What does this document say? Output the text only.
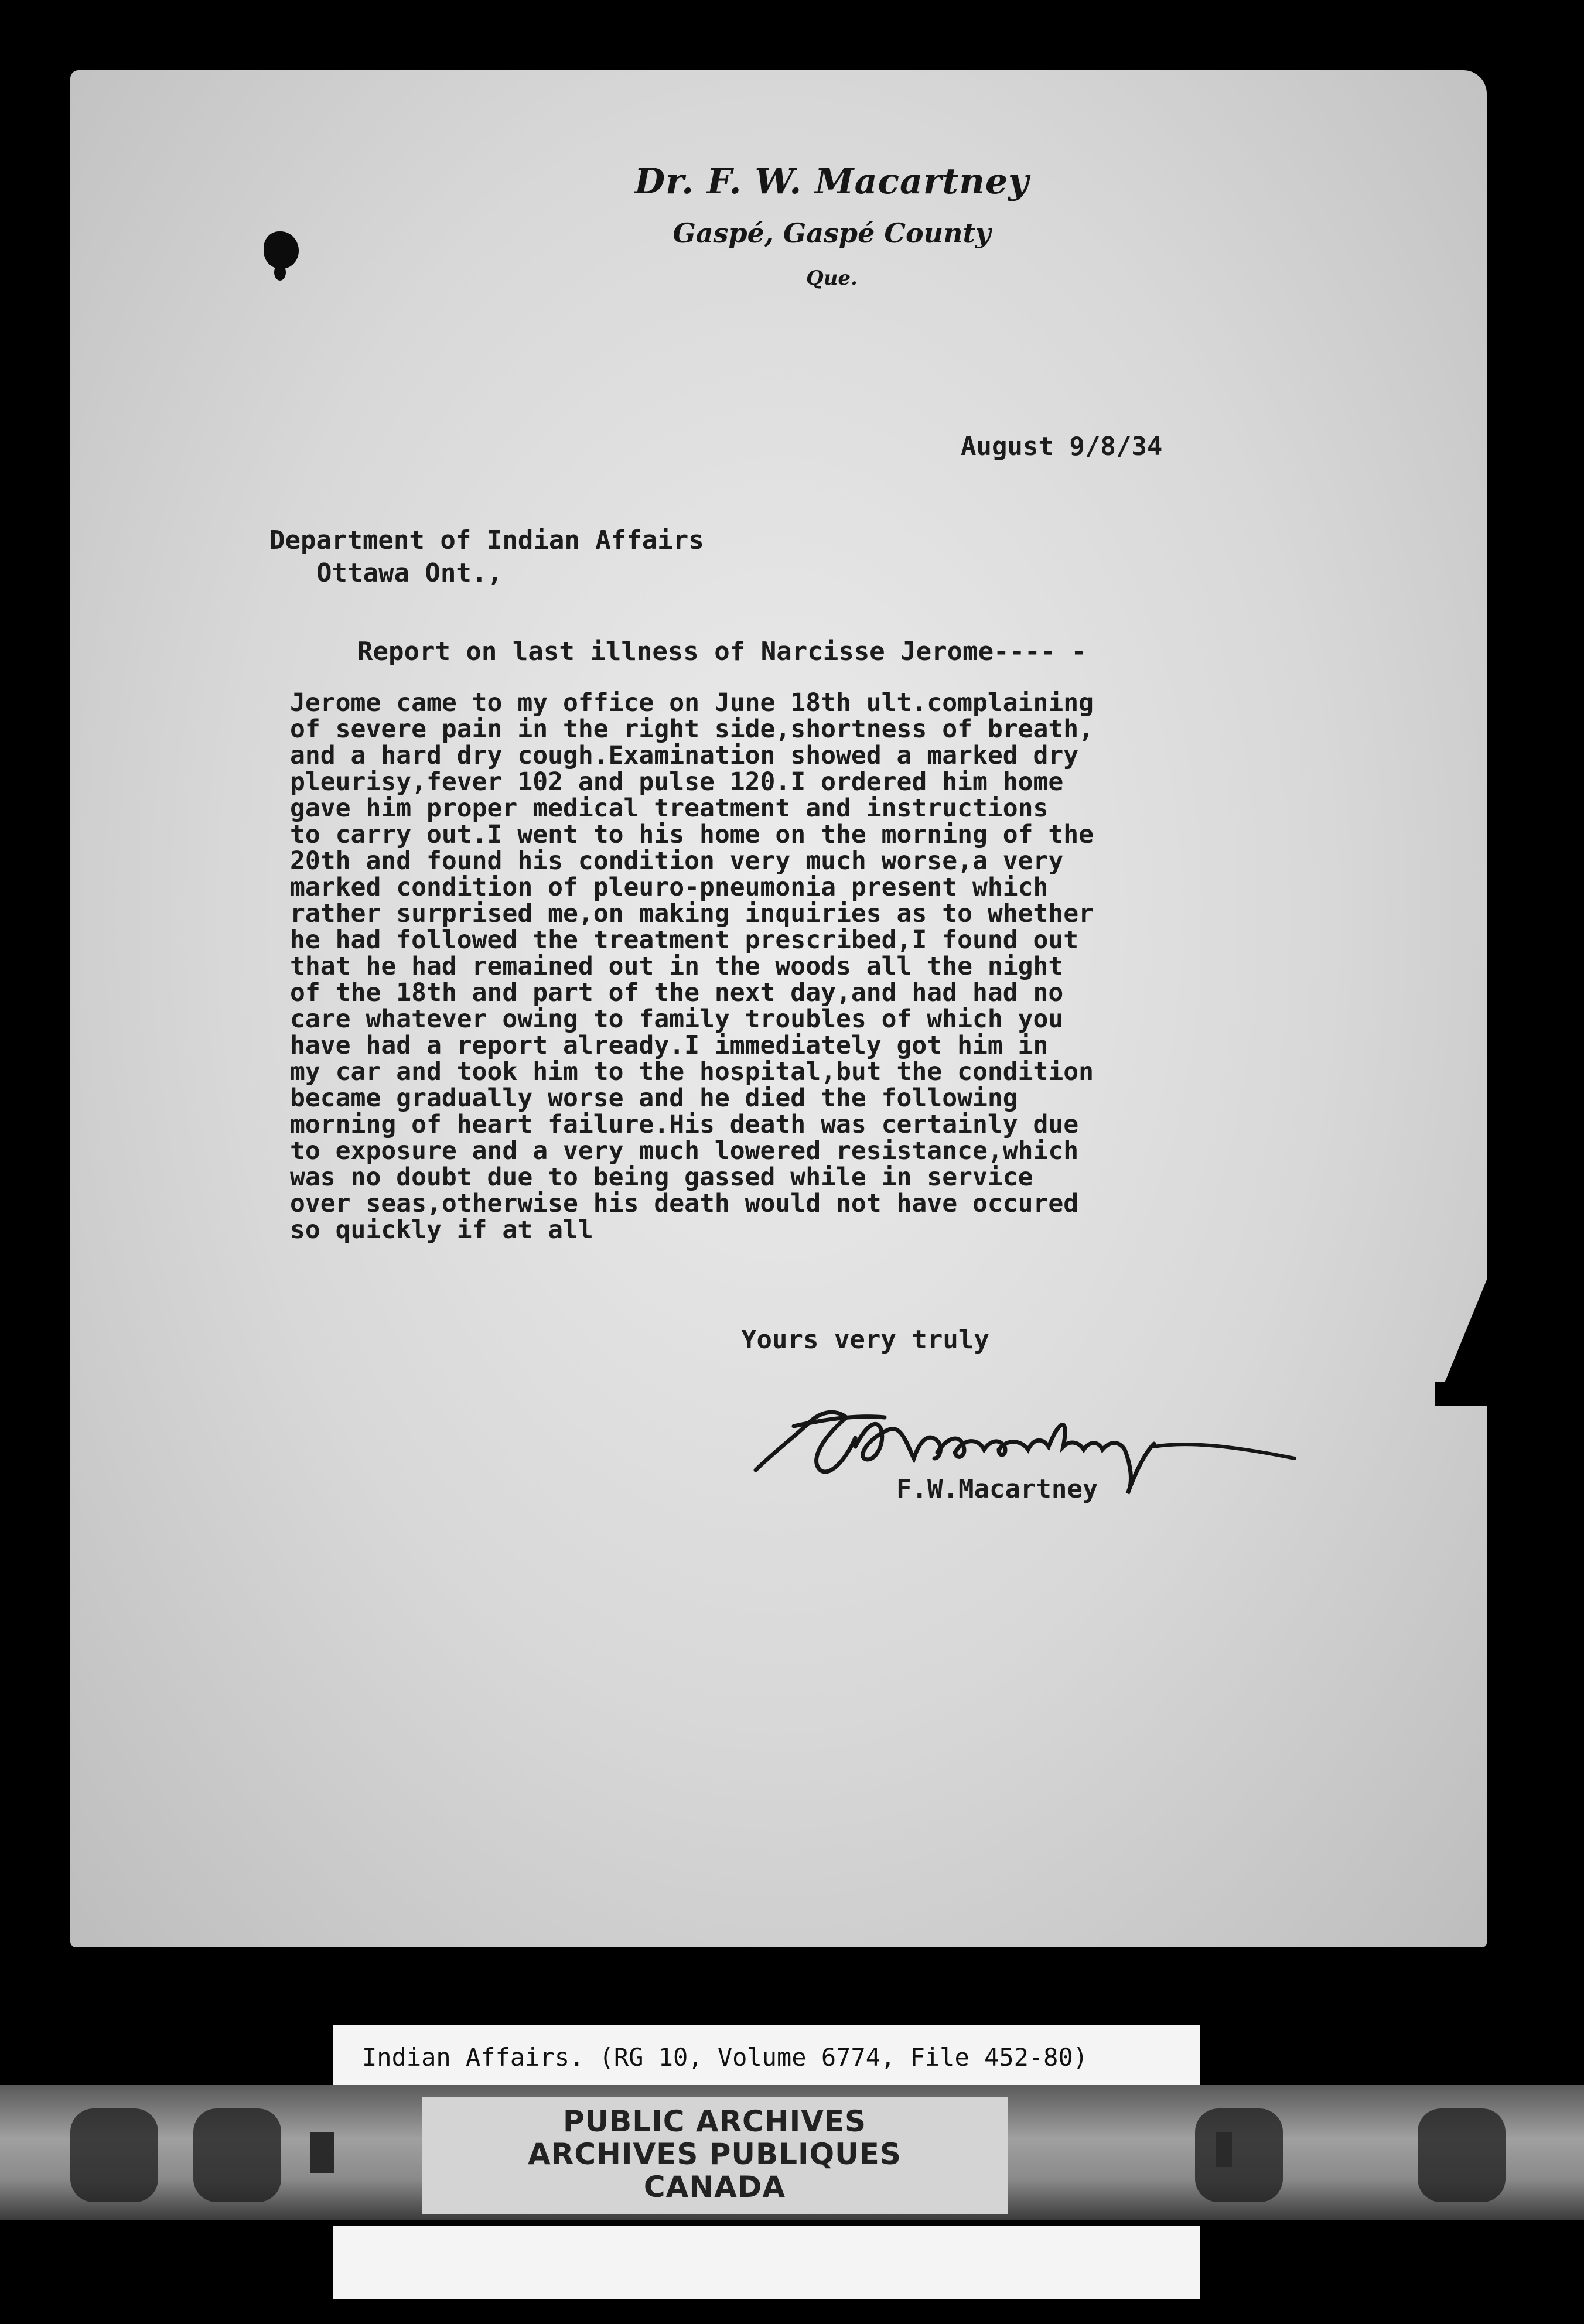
Dr. F. W. Macartney
Gaspé, Gaspé County
Que.
August 9/8/34
Department of Indian Affairs
Ottawa Ont.,
Report on last illness of Narcisse Jerome---- -
Jerome came to my office on June 18th ult.complaining
of severe pain in the right side,shortness of breath,
and a hard dry cough.Examination showed a marked dry
pleurisy,fever 102 and pulse 120.I ordered him home
gave him proper medical treatment and instructions
to carry out.I went to his home on the morning of the
20th and found his condition very much worse,a very
marked condition of pleuro-pneumonia present which
rather surprised me,on making inquiries as to whether
he had followed the treatment prescribed,I found out
that he had remained out in the woods all the night
of the 18th and part of the next day,and had had no
care whatever owing to family troubles of which you
have had a report already.I immediately got him in
my car and took him to the hospital,but the condition
became gradually worse and he died the following
morning of heart failure.His death was certainly due
to exposure and a very much lowered resistance,which
was no doubt due to being gassed while in service
over seas,otherwise his death would not have occured
so quickly if at all
Yours very truly
F.W.Macartney
Indian Affairs. (RG 10, Volume 6774, File 452-80)
PUBLIC ARCHIVES
ARCHIVES PUBLIQUES
CANADA
